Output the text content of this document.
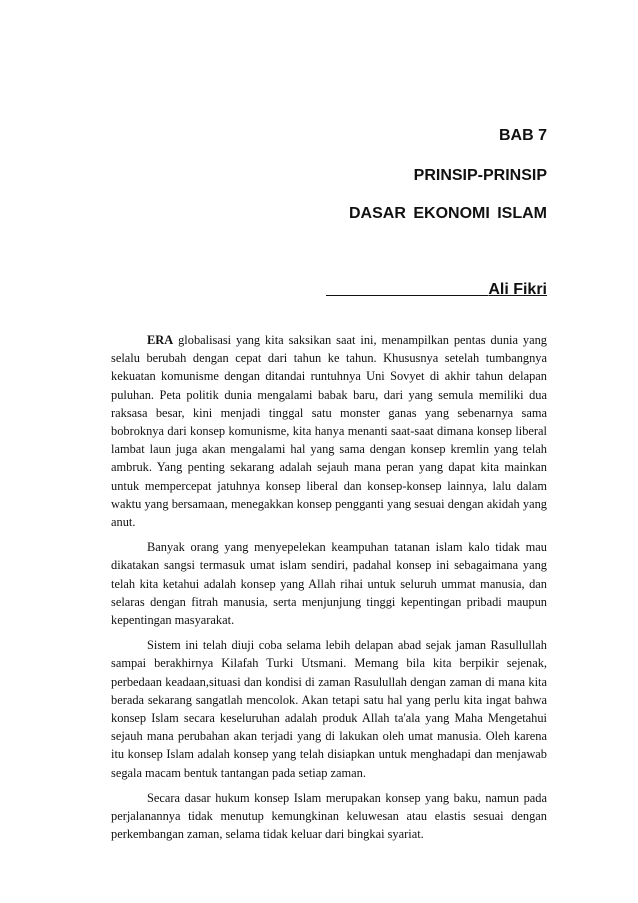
BAB 7
PRINSIP-PRINSIP
DASAR EKONOMI ISLAM
Ali Fikri

ERA globalisasi yang kita saksikan saat ini, menampilkan pentas dunia yang selalu berubah dengan cepat dari tahun ke tahun. Khususnya setelah tumbangnya kekuatan komunisme dengan ditandai runtuhnya Uni Sovyet di akhir tahun delapan puluhan. Peta politik dunia mengalami babak baru, dari yang semula memiliki dua raksasa besar, kini menjadi tinggal satu monster ganas yang sebenarnya sama bobroknya dari konsep komunisme, kita hanya menanti saat-saat dimana konsep liberal lambat laun juga akan mengalami hal yang sama dengan konsep kremlin yang telah ambruk. Yang penting sekarang adalah sejauh mana peran yang dapat kita mainkan untuk mempercepat jatuhnya konsep liberal dan konsep-konsep lainnya, lalu dalam waktu yang bersamaan, menegakkan konsep pengganti yang sesuai dengan akidah yang anut.

Banyak orang yang menyepelekan keampuhan tatanan islam kalo tidak mau dikatakan sangsi termasuk umat islam sendiri, padahal konsep ini sebagaimana yang telah kita ketahui adalah konsep yang Allah rihai untuk seluruh ummat manusia, dan selaras dengan fitrah manusia, serta menjunjung tinggi kepentingan pribadi maupun kepentingan masyarakat.

Sistem ini telah diuji coba selama lebih delapan abad sejak jaman Rasullullah sampai berakhirnya Kilafah Turki Utsmani. Memang bila kita berpikir sejenak, perbedaan keadaan,situasi dan kondisi di zaman Rasulullah dengan zaman di mana kita berada sekarang sangatlah mencolok. Akan tetapi satu hal yang perlu kita ingat bahwa konsep Islam secara keseluruhan adalah produk Allah ta'ala yang Maha Mengetahui sejauh mana perubahan akan terjadi yang di lakukan oleh umat manusia. Oleh karena itu konsep Islam adalah konsep yang telah disiapkan untuk menghadapi dan menjawab segala macam bentuk tantangan pada setiap zaman.

Secara dasar hukum konsep Islam merupakan konsep yang baku, namun pada perjalanannya tidak menutup kemungkinan keluwesan atau elastis sesuai dengan perkembangan zaman, selama tidak keluar dari bingkai syariat.
